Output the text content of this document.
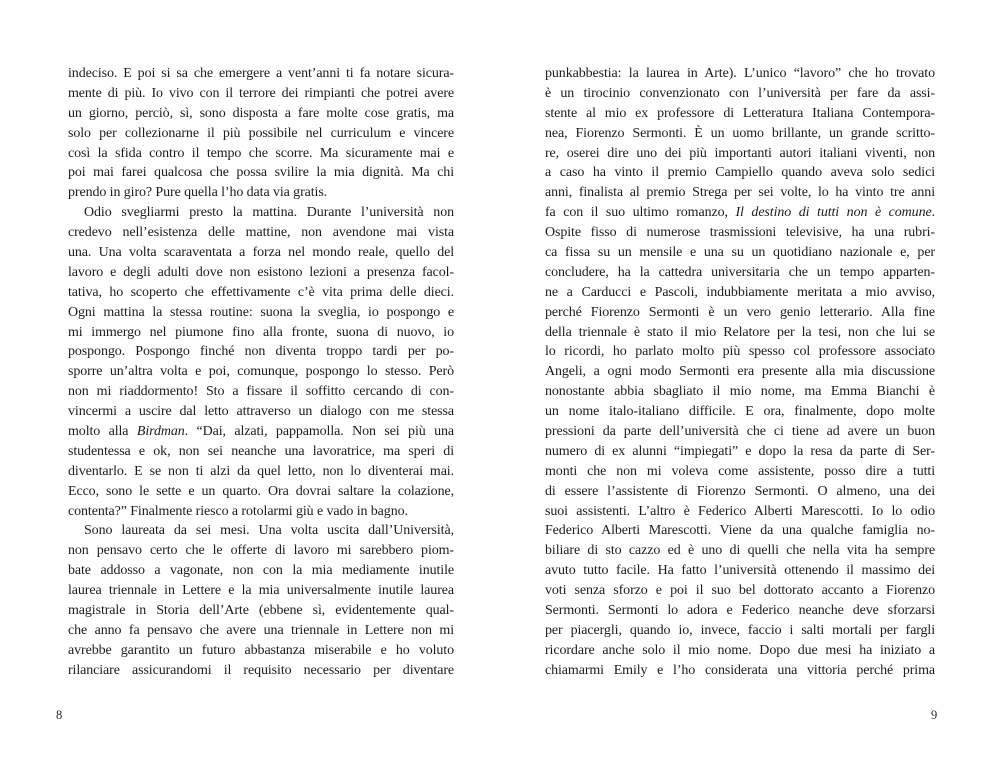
indeciso. E poi si sa che emergere a vent’anni ti fa notare sicura-
mente di più. Io vivo con il terrore dei rimpianti che potrei avere
un giorno, perciò, sì, sono disposta a fare molte cose gratis, ma
solo per collezionarne il più possibile nel curriculum e vincere
così la sfida contro il tempo che scorre. Ma sicuramente mai e
poi mai farei qualcosa che possa svilire la mia dignità. Ma chi
prendo in giro? Pure quella l’ho data via gratis.
Odio svegliarmi presto la mattina. Durante l’università non
credevo nell’esistenza delle mattine, non avendone mai vista
una. Una volta scaraventata a forza nel mondo reale, quello del
lavoro e degli adulti dove non esistono lezioni a presenza facol-
tativa, ho scoperto che effettivamente c’è vita prima delle dieci.
Ogni mattina la stessa routine: suona la sveglia, io pospongo e
mi immergo nel piumone fino alla fronte, suona di nuovo, io
pospongo. Pospongo finché non diventa troppo tardi per po-
sporre un’altra volta e poi, comunque, pospongo lo stesso. Però
non mi riaddormento! Sto a fissare il soffitto cercando di con-
vincermi a uscire dal letto attraverso un dialogo con me stessa
molto alla Birdman. “Dai, alzati, pappamolla. Non sei più una
studentessa e ok, non sei neanche una lavoratrice, ma speri di
diventarlo. E se non ti alzi da quel letto, non lo diventerai mai.
Ecco, sono le sette e un quarto. Ora dovrai saltare la colazione,
contenta?” Finalmente riesco a rotolarmi giù e vado in bagno.
Sono laureata da sei mesi. Una volta uscita dall’Università,
non pensavo certo che le offerte di lavoro mi sarebbero piom-
bate addosso a vagonate, non con la mia mediamente inutile
laurea triennale in Lettere e la mia universalmente inutile laurea
magistrale in Storia dell’Arte (ebbene sì, evidentemente qual-
che anno fa pensavo che avere una triennale in Lettere non mi
avrebbe garantito un futuro abbastanza miserabile e ho voluto
rilanciare assicurandomi il requisito necessario per diventare
8
punkabbestia: la laurea in Arte). L’unico “lavoro” che ho trovato
è un tirocinio convenzionato con l’università per fare da assi-
stente al mio ex professore di Letteratura Italiana Contempora-
nea, Fiorenzo Sermonti. È un uomo brillante, un grande scritto-
re, oserei dire uno dei più importanti autori italiani viventi, non
a caso ha vinto il premio Campiello quando aveva solo sedici
anni, finalista al premio Strega per sei volte, lo ha vinto tre anni
fa con il suo ultimo romanzo, Il destino di tutti non è comune.
Ospite fisso di numerose trasmissioni televisive, ha una rubri-
ca fissa su un mensile e una su un quotidiano nazionale e, per
concludere, ha la cattedra universitaria che un tempo apparten-
ne a Carducci e Pascoli, indubbiamente meritata a mio avviso,
perché Fiorenzo Sermonti è un vero genio letterario. Alla fine
della triennale è stato il mio Relatore per la tesi, non che lui se
lo ricordi, ho parlato molto più spesso col professore associato
Angeli, a ogni modo Sermonti era presente alla mia discussione
nonostante abbia sbagliato il mio nome, ma Emma Bianchi è
un nome italo-italiano difficile. E ora, finalmente, dopo molte
pressioni da parte dell’università che ci tiene ad avere un buon
numero di ex alunni “impiegati” e dopo la resa da parte di Ser-
monti che non mi voleva come assistente, posso dire a tutti
di essere l’assistente di Fiorenzo Sermonti. O almeno, una dei
suoi assistenti. L’altro è Federico Alberti Marescotti. Io lo odio
Federico Alberti Marescotti. Viene da una qualche famiglia no-
biliare di sto cazzo ed è uno di quelli che nella vita ha sempre
avuto tutto facile. Ha fatto l’università ottenendo il massimo dei
voti senza sforzo e poi il suo bel dottorato accanto a Fiorenzo
Sermonti. Sermonti lo adora e Federico neanche deve sforzarsi
per piacergli, quando io, invece, faccio i salti mortali per fargli
ricordare anche solo il mio nome. Dopo due mesi ha iniziato a
chiamarmi Emily e l’ho considerata una vittoria perché prima
9
